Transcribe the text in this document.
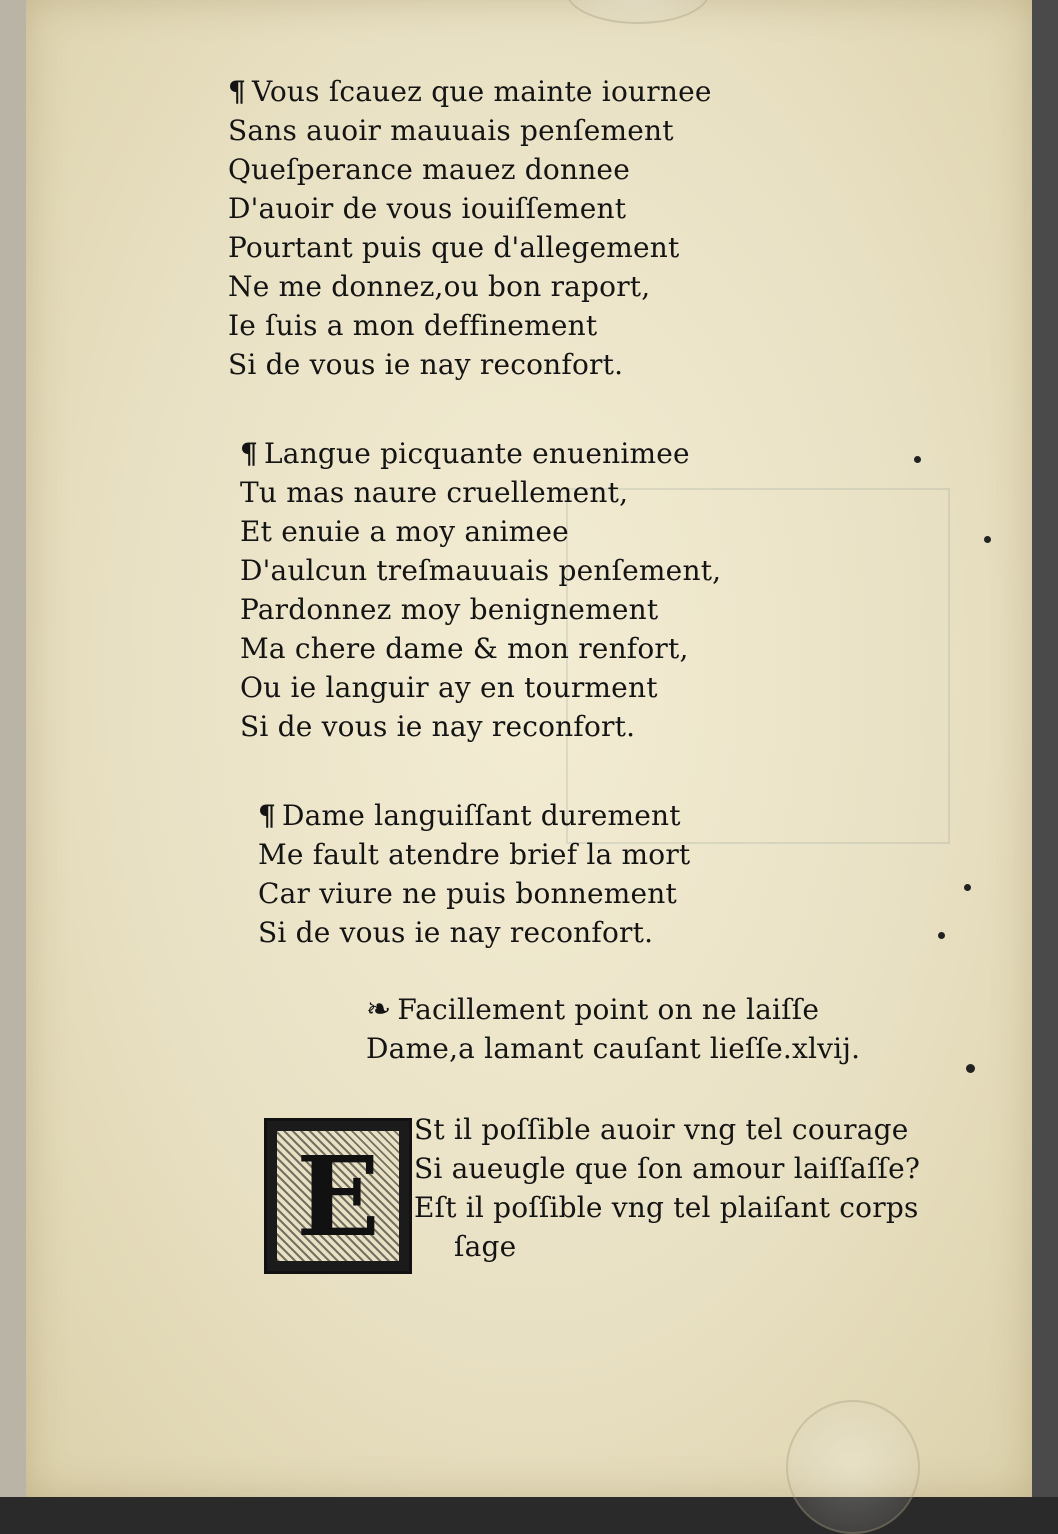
¶ Vous ſcauez que mainte iournee
Sans auoir mauuais penſement
Queſperance mauez donnee
D'auoir de vous iouiſſement
Pourtant puis que d'allegement
Ne me donnez,ou bon raport,
Ie ſuis a mon deffinement
Si de vous ie nay reconfort.
¶ Langue picquante enuenimee
Tu mas naure cruellement,
Et enuie a moy animee
D'aulcun treſmauuais penſement,
Pardonnez moy benignement
Ma chere dame & mon renfort,
Ou ie languir ay en tourment
Si de vous ie nay reconfort.
¶ Dame languiſſant durement
Me fault atendre brief la mort
Car viure ne puis bonnement
Si de vous ie nay reconfort.
❧ Facillement point on ne laiſſe
Dame,a lamant cauſant lieſſe.xlvij.
E
St il poſſible auoir vng tel courage
Si aueugle que ſon amour laiſſaſſe?
Eſt il poſſible vng tel plaiſant corps
ſage
